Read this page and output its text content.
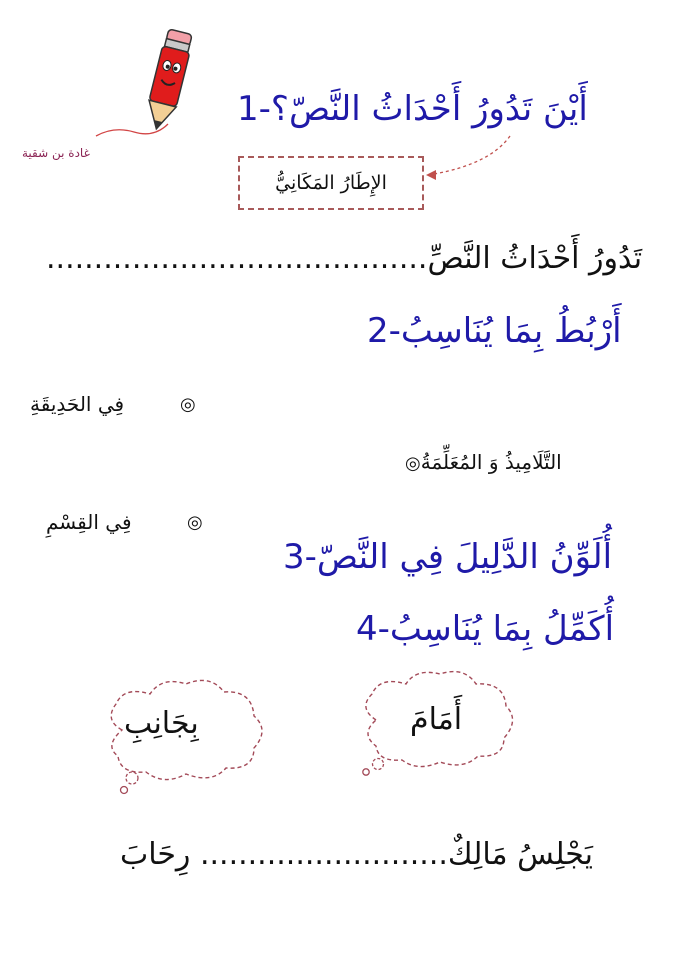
غادة بن شقية
1-أَيْنَ تَدُورُ أَحْدَاثُ النَّصّ؟
الإِطَارُ المَكَانِيُّ
........................................تَدُورُ أَحْدَاثُ النَّصِّ
2-أَرْبُطُ بِمَا يُنَاسِبُ
فِي الحَدِيقَةِ	◎
◎التَّلَامِيذُ وَ المُعَلِّمَةُ
فِي القِسْمِ	◎
3-أُلَوِّنُ الدَّلِيلَ فِي النَّصّ
4-أُكَمِّلُ بِمَا يُنَاسِبُ
بِجَانِبِ	أَمَامَ
رِحَابَ ..........................يَجْلِسُ مَالِكٌ
